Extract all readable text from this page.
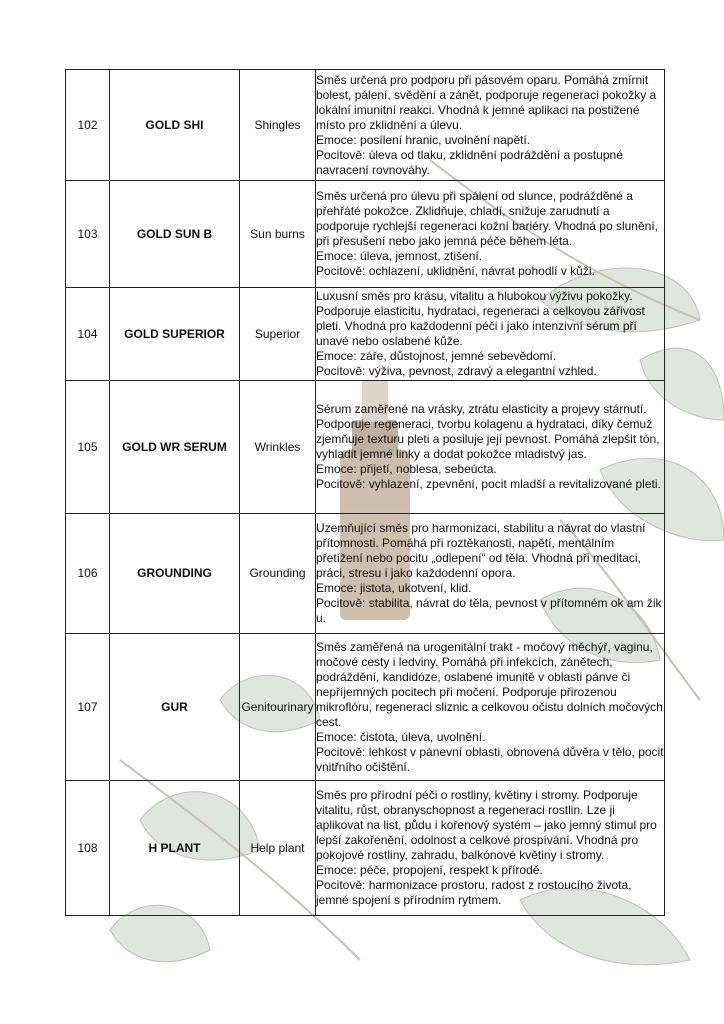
102	GOLD SHI	Shingles	Směs určená pro podporu při pásovém oparu. Pomáhá zmírnit bolest, pálení, svědění a zánět, podporuje regeneraci pokožky a lokální imunitní reakci. Vhodná k jemné aplikaci na postižené místo pro zklidnění a úlevu.
Emoce: posílení hranic, uvolnění napětí.
Pocitově: úleva od tlaku, zklidnění podráždění a postupné navracení rovnováhy.

103	GOLD SUN B	Sun burns	Směs určená pro úlevu při spálení od slunce, podrážděné a přehřáté pokožce. Zklidňuje, chladí, snižuje zarudnutí a podporuje rychlejší regeneraci kožní bariéry. Vhodná po slunění, při přesušení nebo jako jemná péče během léta.
Emoce: úleva, jemnost, ztišení.
Pocitově: ochlazení, uklidnění, návrat pohodlí v kůži.

104	GOLD SUPERIOR	Superior	Luxusní směs pro krásu, vitalitu a hlubokou výživu pokožky.
Podporuje elasticitu, hydrataci, regeneraci a celkovou zářivost pleti. Vhodná pro každodenní péči i jako intenzivní sérum pří unavé nebo oslabené kůže.
Emoce: záře, důstojnost, jemné sebevědomí.
Pocitově: výživa, pevnost, zdravý a elegantní vzhled.

105	GOLD WR SERUM	Wrinkles	Sérum zaměřené na vrásky, ztrátu elasticity a projevy stárnutí.
Podporuje regeneraci, tvorbu kolagenu a hydrataci, díky čemuž zjemňuje texturu pleti a posiluje její pevnost. Pomáhá zlepšit tón, vyhladit jemné linky a dodat pokožce mladistvý jas.
Emoce: přijetí, noblesa, sebeúcta.
Pocitově: vyhlazení, zpevnění, pocit mladší a revitalizované pleti.

106	GROUNDING	Grounding	Uzemňující směs pro harmonizaci, stabilitu a návrat do vlastní přítomnosti. Pomáhá při roztěkanosti, napětí, mentálním přetížení nebo pocitu „odlepení“ od těla. Vhodná při meditaci, práci, stresu i jako každodenní opora.
Emoce: jistota, ukotvení, klid.
Pocitově: stabilita, návrat do těla, pevnost v přítomném ok am žik u.

107	GUR	Genitourinary	Směs zaměřená na urogenitální trakt - močový měchýř, vaginu, močové cesty i ledviny. Pomáhá při infekcích, zánětech, podráždění, kandidóze, oslabené imunitě v oblasti pánve či nepříjemných pocitech při močení. Podporuje přirozenou mikroflóru, regeneraci sliznic a celkovou očistu dolních močových cest.
Emoce: čistota, úleva, uvolnění.
Pocitově: lehkost v pánevní oblasti, obnovená důvěra v tělo, pocit vnitřního očištění.

108	H PLANT	Help plant	Směs pro přírodní péči o rostliny, květiny i stromy. Podporuje vitalitu, růst, obranyschopnost a regeneraci rostlin. Lze ji aplikovat na list, půdu i kořenový systém – jako jemný stimul pro lepší zakořenění, odolnost a celkové prospívání. Vhodná pro pokojové rostliny, zahradu, balkónové květiny i stromy.
Emoce: péče, propojení, respekt k přírodě.
Pocitově: harmonizace prostoru, radost z rostoucího života, jemné spojení s přírodním rytmem.
